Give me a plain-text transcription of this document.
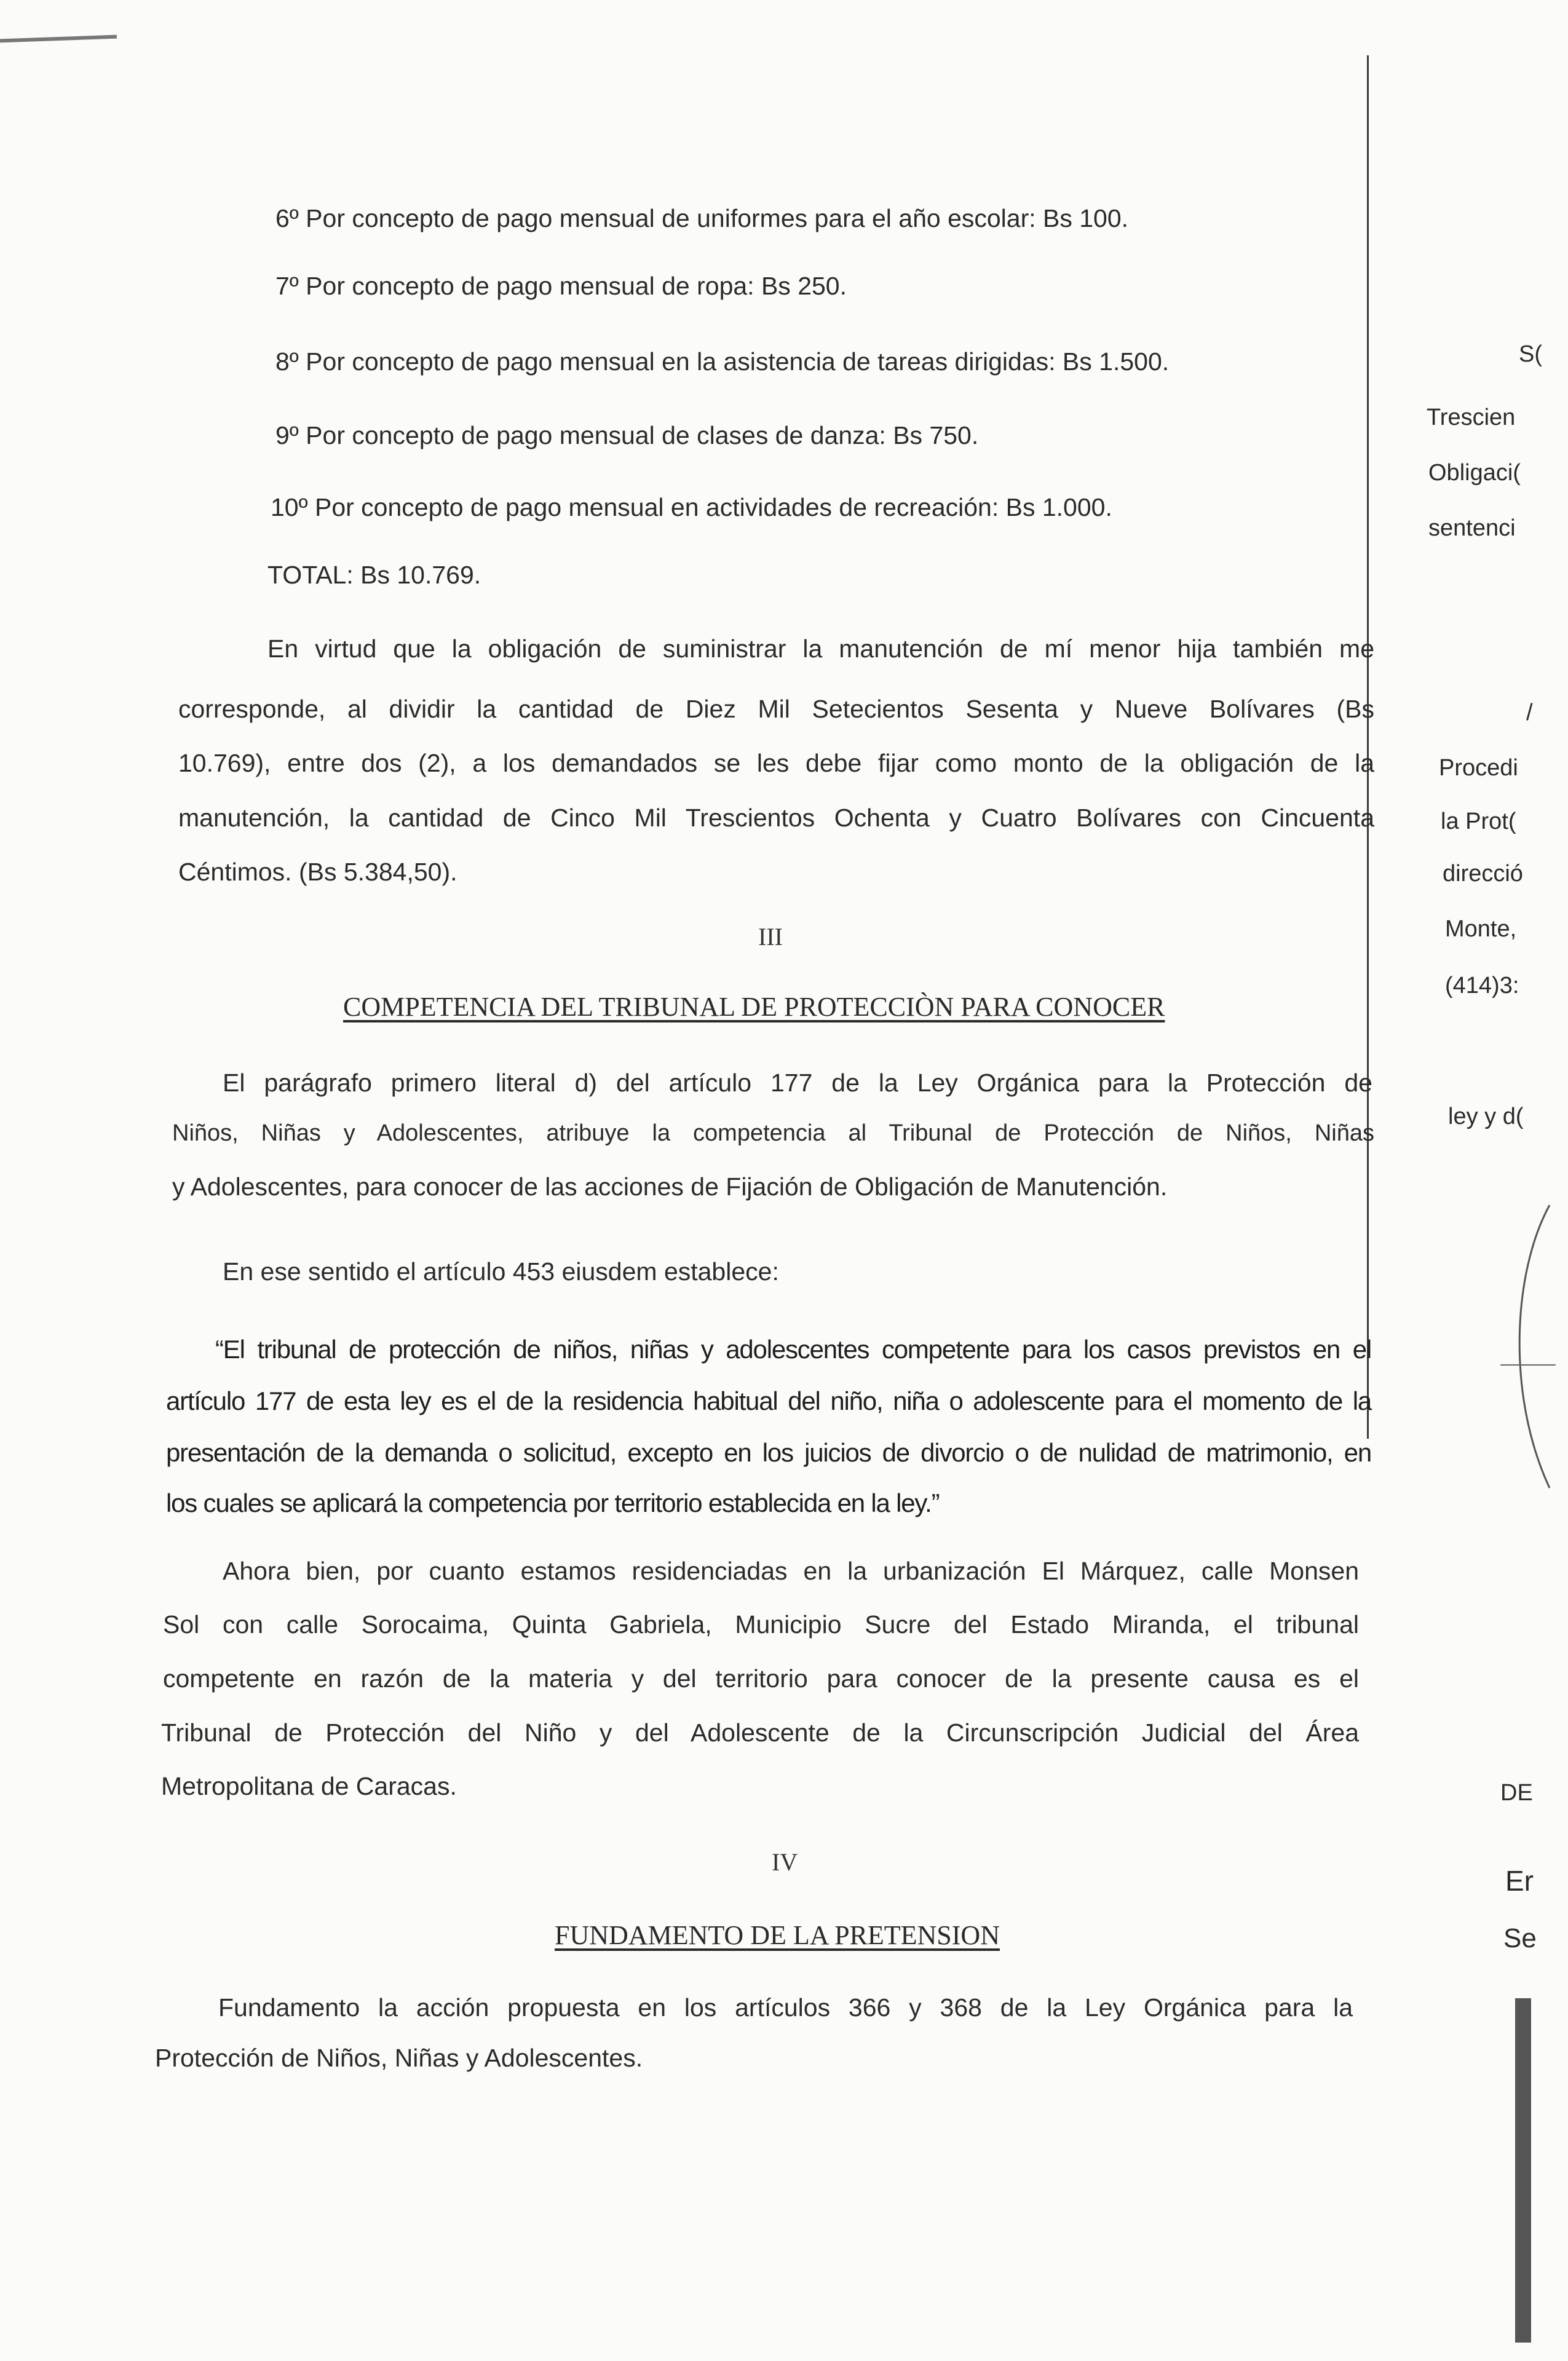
6º Por concepto de pago mensual de uniformes para el año escolar: Bs 100.
7º Por concepto de pago mensual de ropa: Bs 250.
8º Por concepto de pago mensual en la asistencia de tareas dirigidas: Bs 1.500.
9º Por concepto de pago mensual de clases de danza: Bs 750.
10º Por concepto de pago mensual en actividades de recreación: Bs 1.000.
TOTAL: Bs 10.769.
En virtud que la obligación de suministrar la manutención de mí menor hija también me
corresponde, al dividir la cantidad de Diez Mil Setecientos Sesenta y Nueve Bolívares (Bs
10.769), entre dos (2), a los demandados se les debe fijar como monto de la obligación de la
manutención, la cantidad de Cinco Mil Trescientos Ochenta y Cuatro Bolívares con Cincuenta
Céntimos. (Bs 5.384,50).
III
COMPETENCIA DEL TRIBUNAL DE PROTECCIÒN PARA CONOCER
El parágrafo primero literal d) del artículo 177 de la Ley Orgánica para la Protección de
Niños, Niñas y Adolescentes, atribuye la competencia al Tribunal de Protección de Niños, Niñas
y Adolescentes, para conocer de las acciones de Fijación de Obligación de Manutención.
En ese sentido el artículo 453 eiusdem establece:
“El tribunal de protección de niños, niñas y adolescentes competente para los casos previstos en el
artículo 177 de esta ley es el de la residencia habitual del niño, niña o adolescente para el momento de la
presentación de la demanda o solicitud, excepto en los juicios de divorcio o de nulidad de matrimonio, en
los cuales se aplicará la competencia por territorio establecida en la ley.”
Ahora bien, por cuanto estamos residenciadas en la urbanización El Márquez, calle Monsen
Sol con calle Sorocaima, Quinta Gabriela, Municipio Sucre del Estado Miranda, el tribunal
competente en razón de la materia y del territorio para conocer de la presente causa es el
Tribunal de Protección del Niño y del Adolescente de la Circunscripción Judicial del Área
Metropolitana de Caracas.
IV
FUNDAMENTO DE LA PRETENSION
Fundamento la acción propuesta en los artículos 366 y 368 de la Ley Orgánica para la
Protección de Niños, Niñas y Adolescentes.
S(
Trescien
Obligaci(
sentenci
/
Procedi
la Prot(
direcció
Monte,
(414)3:
ley y d(
DE
Er
Se
